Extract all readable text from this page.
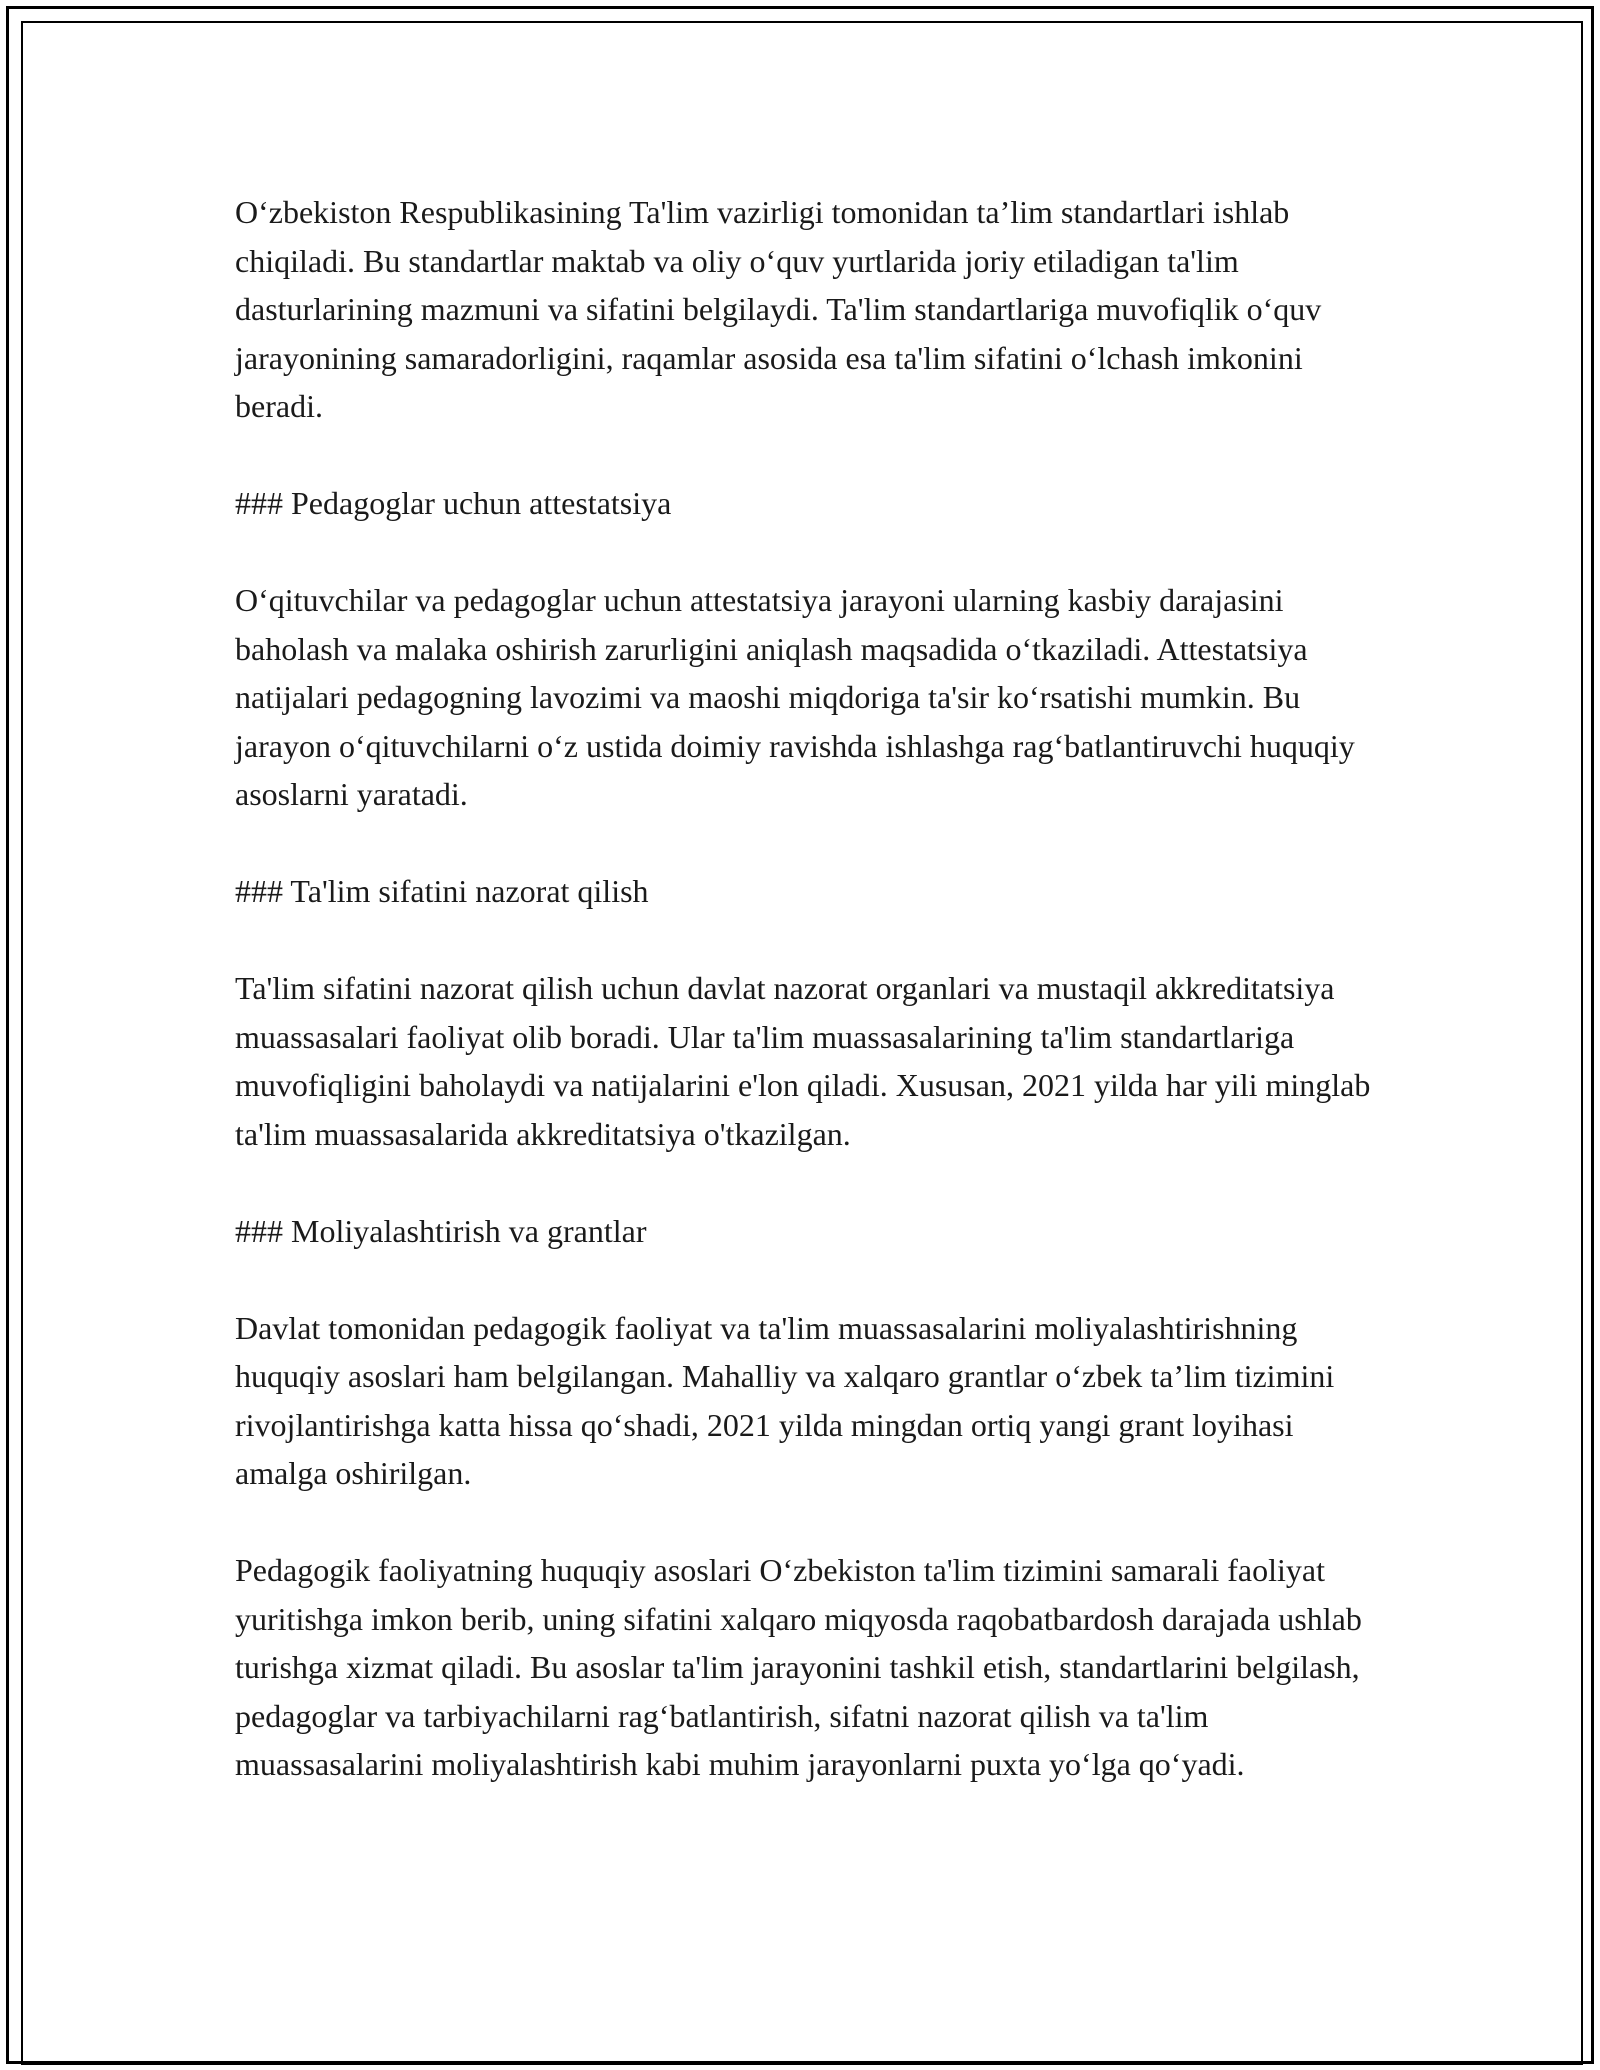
Oʻzbekiston Respublikasining Ta'lim vazirligi tomonidan ta’lim standartlari ishlab chiqiladi. Bu standartlar maktab va oliy oʻquv yurtlarida joriy etiladigan ta'lim dasturlarining mazmuni va sifatini belgilaydi. Ta'lim standartlariga muvofiqlik oʻquv jarayonining samaradorligini, raqamlar asosida esa ta'lim sifatini oʻlchash imkonini beradi.

### Pedagoglar uchun attestatsiya

Oʻqituvchilar va pedagoglar uchun attestatsiya jarayoni ularning kasbiy darajasini baholash va malaka oshirish zarurligini aniqlash maqsadida oʻtkaziladi. Attestatsiya natijalari pedagogning lavozimi va maoshi miqdoriga ta'sir koʻrsatishi mumkin. Bu jarayon oʻqituvchilarni oʻz ustida doimiy ravishda ishlashga ragʻbatlantiruvchi huquqiy asoslarni yaratadi.

### Ta'lim sifatini nazorat qilish

Ta'lim sifatini nazorat qilish uchun davlat nazorat organlari va mustaqil akkreditatsiya muassasalari faoliyat olib boradi. Ular ta'lim muassasalarining ta'lim standartlariga muvofiqligini baholaydi va natijalarini e'lon qiladi. Xususan, 2021 yilda har yili minglab ta'lim muassasalarida akkreditatsiya o'tkazilgan.

### Moliyalashtirish va grantlar

Davlat tomonidan pedagogik faoliyat va ta'lim muassasalarini moliyalashtirishning huquqiy asoslari ham belgilangan. Mahalliy va xalqaro grantlar oʻzbek ta’lim tizimini rivojlantirishga katta hissa qoʻshadi, 2021 yilda mingdan ortiq yangi grant loyihasi amalga oshirilgan.

Pedagogik faoliyatning huquqiy asoslari Oʻzbekiston ta'lim tizimini samarali faoliyat yuritishga imkon berib, uning sifatini xalqaro miqyosda raqobatbardosh darajada ushlab turishga xizmat qiladi. Bu asoslar ta'lim jarayonini tashkil etish, standartlarini belgilash, pedagoglar va tarbiyachilarni ragʻbatlantirish, sifatni nazorat qilish va ta'lim muassasalarini moliyalashtirish kabi muhim jarayonlarni puxta yoʻlga qoʻyadi.
